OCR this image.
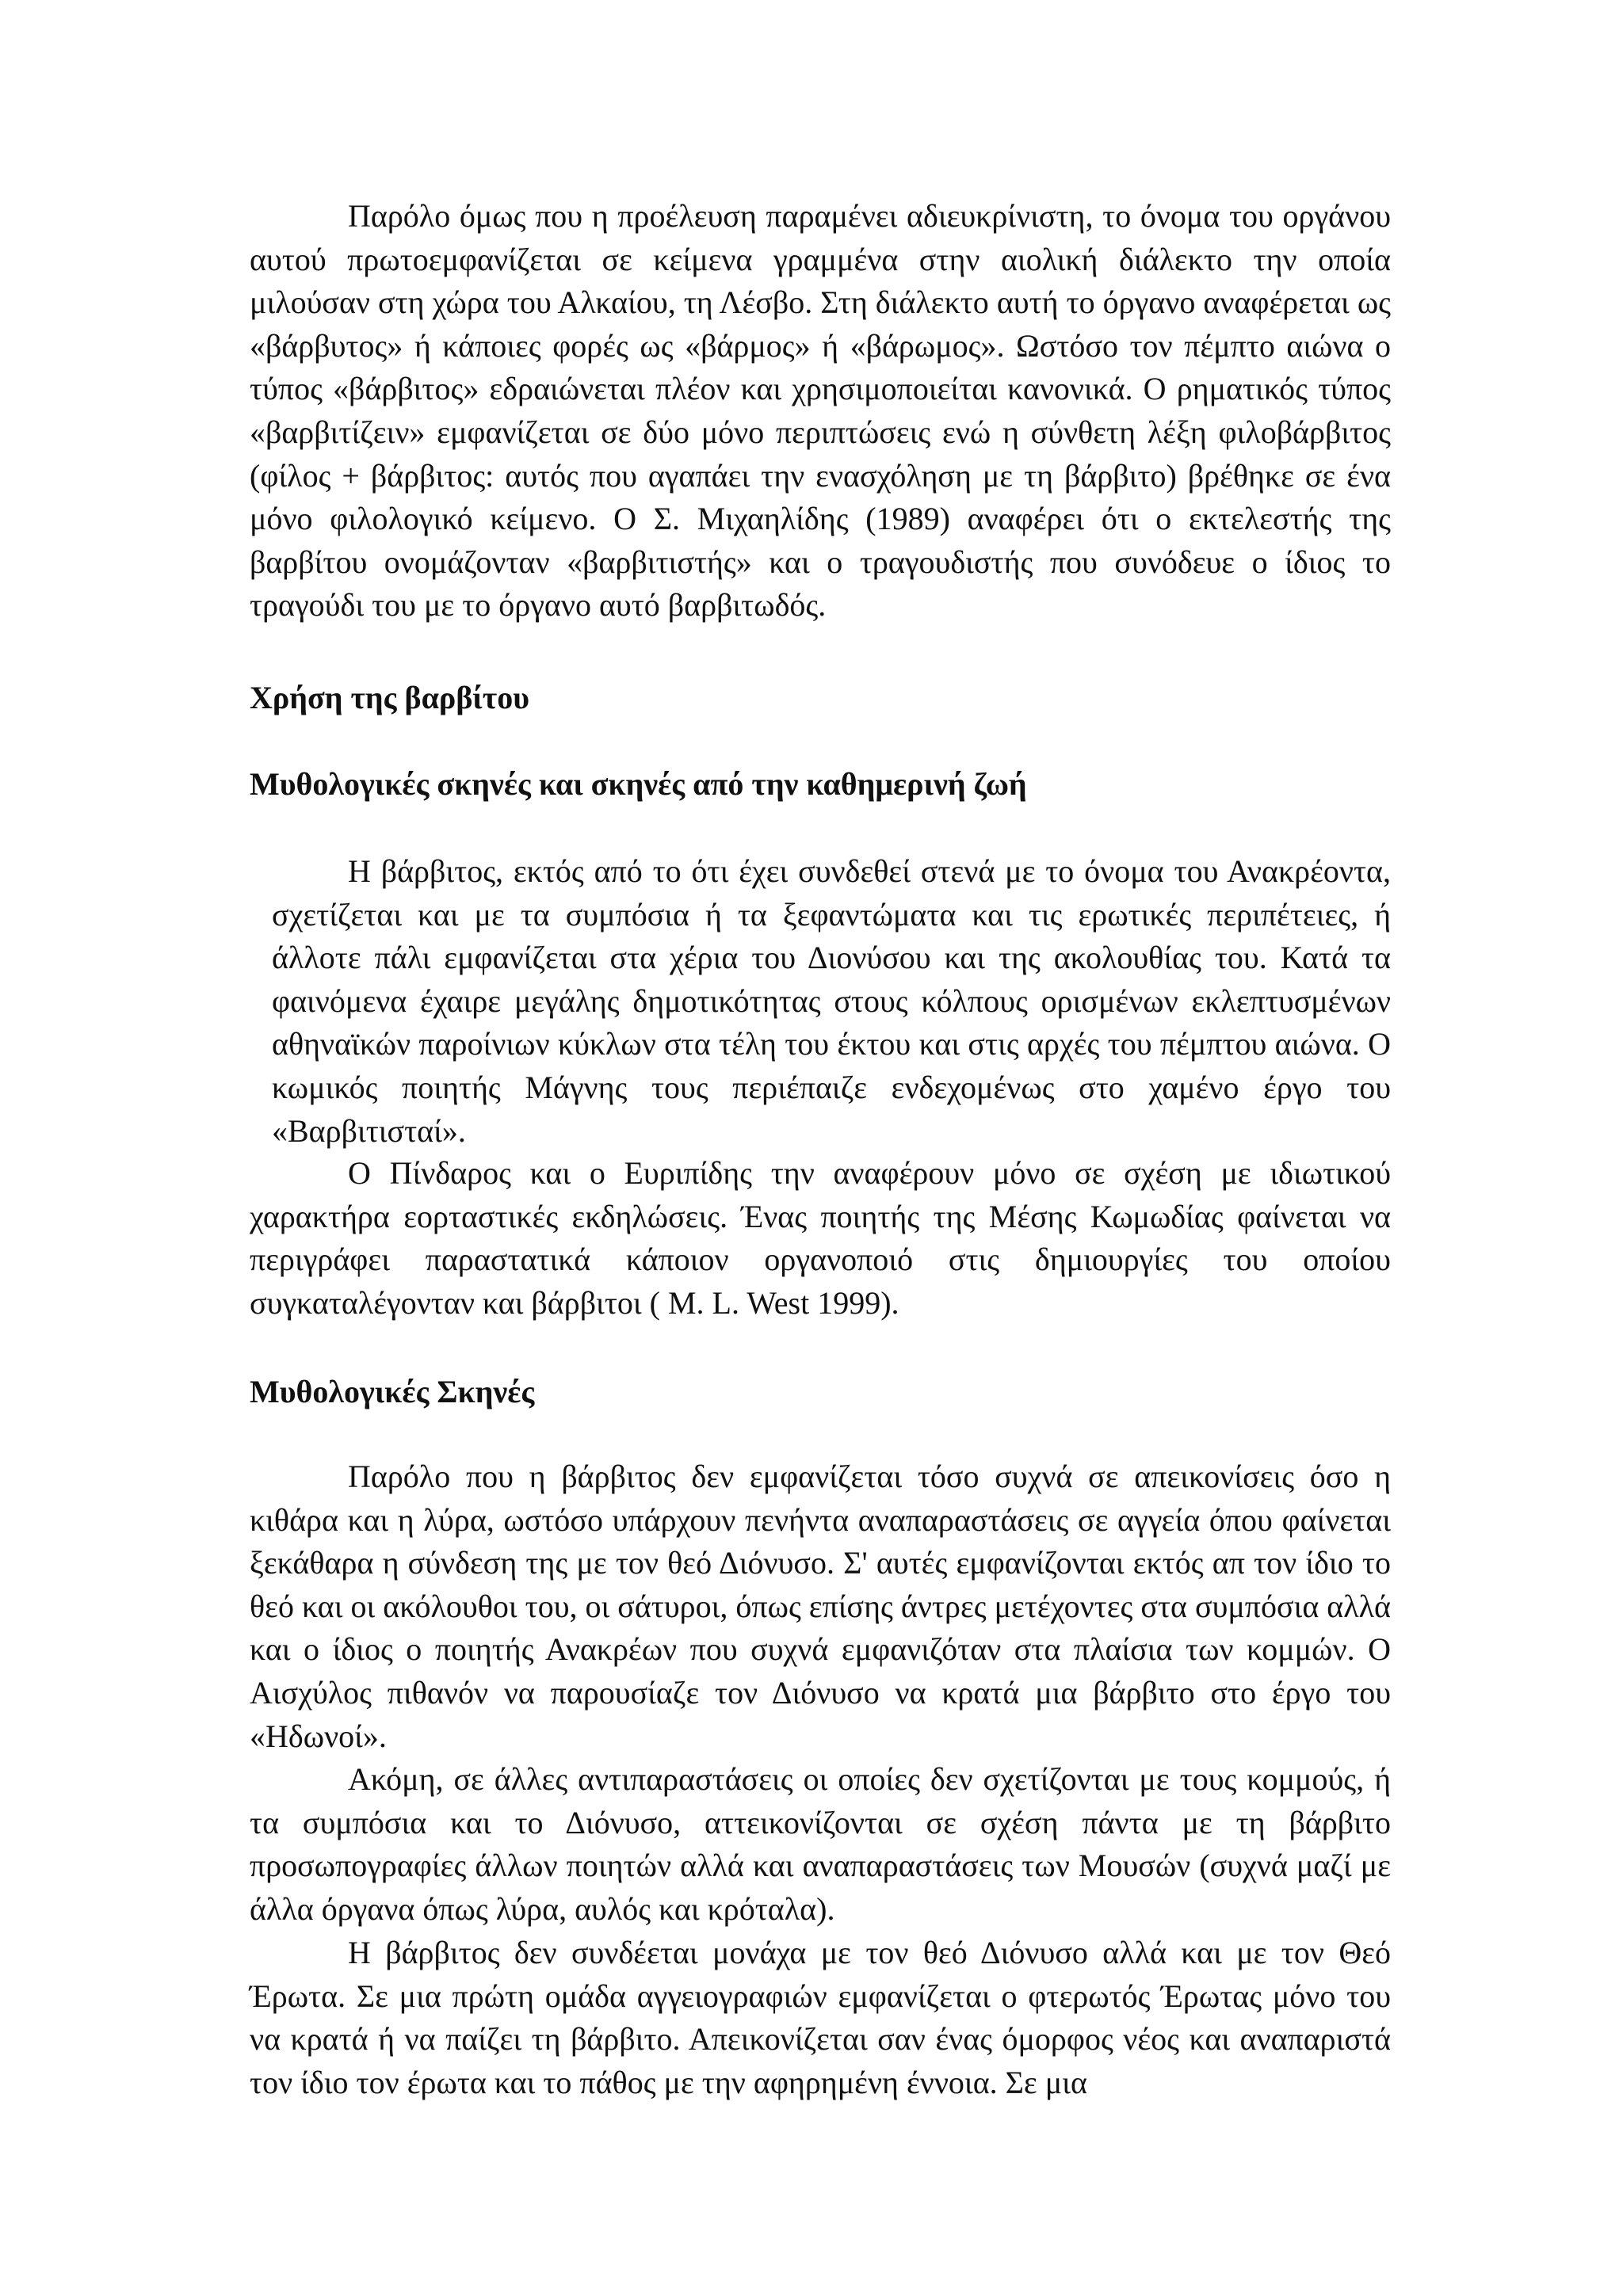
Παρόλο όμως που η προέλευση παραμένει αδιευκρίνιστη, το όνομα του οργάνου αυτού πρωτοεμφανίζεται σε κείμενα γραμμένα στην αιολική διάλεκτο την οποία μιλούσαν στη χώρα του Αλκαίου, τη Λέσβο. Στη διάλεκτο αυτή το όργανο αναφέρεται ως «βάρβυτος» ή κάποιες φορές ως «βάρμος» ή «βάρωμος». Ωστόσο τον πέμπτο αιώνα ο τύπος «βάρβιτος» εδραιώνεται πλέον και χρησιμοποιείται κανονικά. Ο ρηματικός τύπος «βαρβιτίζειν» εμφανίζεται σε δύο μόνο περιπτώσεις ενώ η σύνθετη λέξη φιλοβάρβιτος (φίλος + βάρβιτος: αυτός που αγαπάει την ενασχόληση με τη βάρβιτο) βρέθηκε σε ένα μόνο φιλολογικό κείμενο. Ο Σ. Μιχαηλίδης (1989) αναφέρει ότι ο εκτελεστής της βαρβίτου ονομάζονταν «βαρβιτιστής» και ο τραγουδιστής που συνόδευε ο ίδιος το τραγούδι του με το όργανο αυτό βαρβιτωδός.

Χρήση της βαρβίτου

Μυθολογικές σκηνές και σκηνές από την καθημερινή ζωή

Η βάρβιτος, εκτός από το ότι έχει συνδεθεί στενά με το όνομα του Ανακρέοντα, σχετίζεται και με τα συμπόσια ή τα ξεφαντώματα και τις ερωτικές περιπέτειες, ή άλλοτε πάλι εμφανίζεται στα χέρια του Διονύσου και της ακολουθίας του. Κατά τα φαινόμενα έχαιρε μεγάλης δημοτικότητας στους κόλπους ορισμένων εκλεπτυσμένων αθηναϊκών παροίνιων κύκλων στα τέλη του έκτου και στις αρχές του πέμπτου αιώνα. Ο κωμικός ποιητής Μάγνης τους περιέπαιζε ενδεχομένως στο χαμένο έργο του «Βαρβιτισταί».

Ο Πίνδαρος και ο Ευριπίδης την αναφέρουν μόνο σε σχέση με ιδιωτικού χαρακτήρα εορταστικές εκδηλώσεις. Ένας ποιητής της Μέσης Κωμωδίας φαίνεται να περιγράφει παραστατικά κάποιον οργανοποιό στις δημιουργίες του οποίου συγκαταλέγονταν και βάρβιτοι ( M. L. West 1999).

Μυθολογικές Σκηνές

Παρόλο που η βάρβιτος δεν εμφανίζεται τόσο συχνά σε απεικονίσεις όσο η κιθάρα και η λύρα, ωστόσο υπάρχουν πενήντα αναπαραστάσεις σε αγγεία όπου φαίνεται ξεκάθαρα η σύνδεση της με τον θεό Διόνυσο. Σ' αυτές εμφανίζονται εκτός απ τον ίδιο το θεό και οι ακόλουθοι του, οι σάτυροι, όπως επίσης άντρες μετέχοντες στα συμπόσια αλλά και ο ίδιος ο ποιητής Ανακρέων που συχνά εμφανιζόταν στα πλαίσια των κομμών. Ο Αισχύλος πιθανόν να παρουσίαζε τον Διόνυσο να κρατά μια βάρβιτο στο έργο του «Ηδωνοί».

Ακόμη, σε άλλες αντιπαραστάσεις οι οποίες δεν σχετίζονται με τους κομμούς, ή τα συμπόσια και το Διόνυσο, αττεικονίζονται σε σχέση πάντα με τη βάρβιτο προσωπογραφίες άλλων ποιητών αλλά και αναπαραστάσεις των Μουσών (συχνά μαζί με άλλα όργανα όπως λύρα, αυλός και κρόταλα).

Η βάρβιτος δεν συνδέεται μονάχα με τον θεό Διόνυσο αλλά και με τον Θεό Έρωτα. Σε μια πρώτη ομάδα αγγειογραφιών εμφανίζεται ο φτερωτός Έρωτας μόνο του να κρατά ή να παίζει τη βάρβιτο. Απεικονίζεται σαν ένας όμορφος νέος και αναπαριστά τον ίδιο τον έρωτα και το πάθος με την αφηρημένη έννοια. Σε μια
